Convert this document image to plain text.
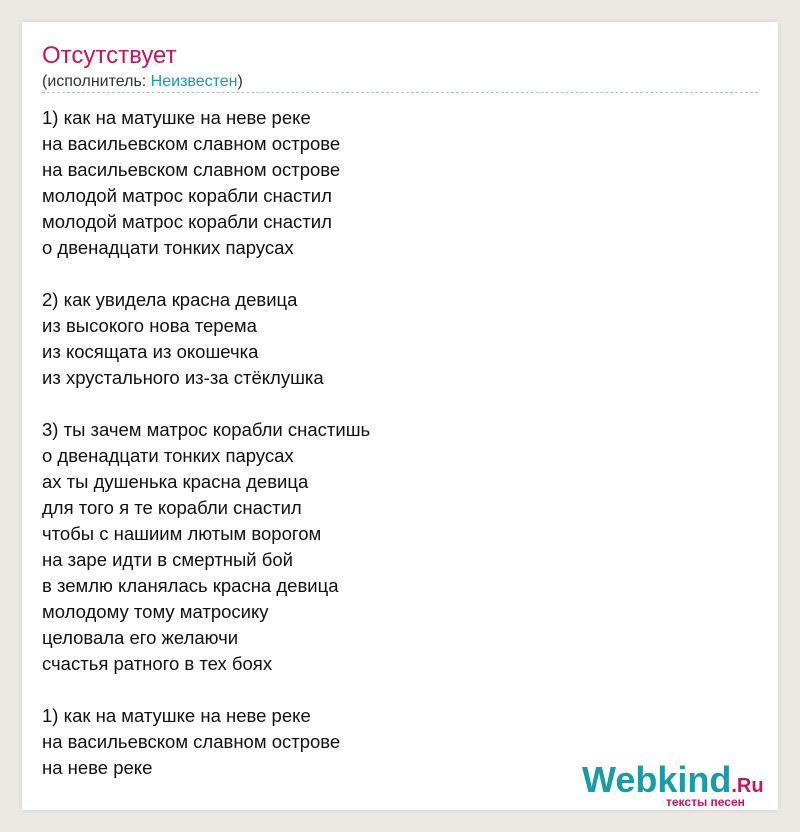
Отсутствует
(исполнитель: Неизвестен)
1) как на матушке на неве реке
на васильевском славном острове
на васильевском славном острове
молодой матрос корабли снастил
молодой матрос корабли снастил
о двенадцати тонких парусах
2) как увидела красна девица
из высокого нова терема
из косящата из окошечка
из хрустального из-за стёклушка
3) ты зачем матрос корабли снастишь
о двенадцати тонких парусах
ах ты душенька красна девица
для того я те корабли снастил
чтобы с нашиим лютым ворогом
на заре идти в смертный бой
в землю кланялась красна девица
молодому тому матросику
целовала его желаючи
счастья ратного в тех боях
1) как на матушке на неве реке
на васильевском славном острове
на неве реке	Webkind.Ru
тексты песен
